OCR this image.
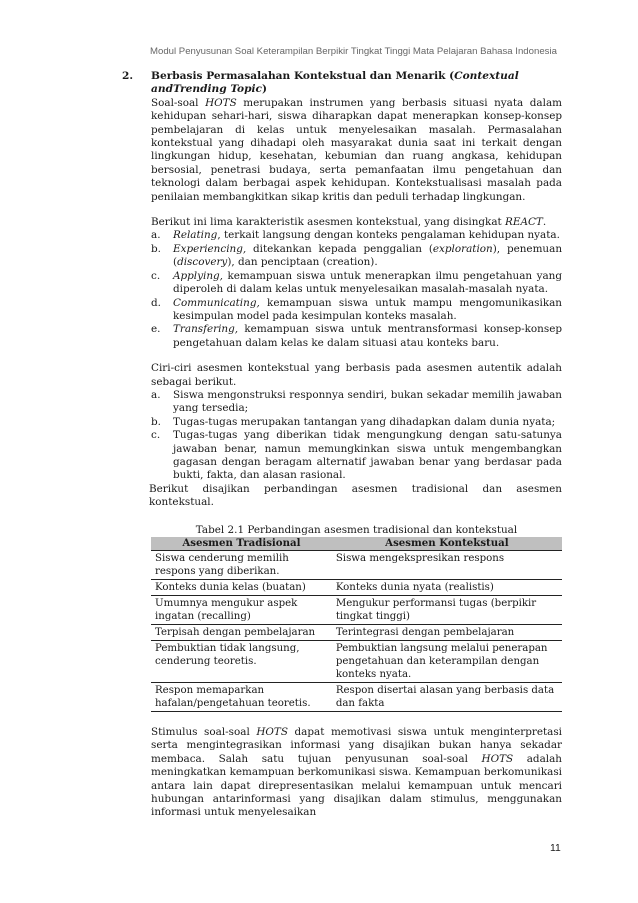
Modul Penyusunan Soal Keterampilan Berpikir Tingkat Tinggi Mata Pelajaran Bahasa Indonesia
2. Berbasis Permasalahan Kontekstual dan Menarik (Contextual andTrending Topic)

Soal-soal HOTS merupakan instrumen yang berbasis situasi nyata dalam kehidupan sehari-hari, siswa diharapkan dapat menerapkan konsep-konsep pembelajaran di kelas untuk menyelesaikan masalah. Permasalahan kontekstual yang dihadapi oleh masyarakat dunia saat ini terkait dengan lingkungan hidup, kesehatan, kebumian dan ruang angkasa, kehidupan bersosial, penetrasi budaya, serta pemanfaatan ilmu pengetahuan dan teknologi dalam berbagai aspek kehidupan. Kontekstualisasi masalah pada penilaian membangkitkan sikap kritis dan peduli terhadap lingkungan.

Berikut ini lima karakteristik asesmen kontekstual, yang disingkat REACT.

a. Relating, terkait langsung dengan konteks pengalaman kehidupan nyata.
b. Experiencing, ditekankan kepada penggalian (exploration), penemuan (discovery), dan penciptaan (creation).
c. Applying, kemampuan siswa untuk menerapkan ilmu pengetahuan yang diperoleh di dalam kelas untuk menyelesaikan masalah-masalah nyata.
d. Communicating, kemampuan siswa untuk mampu mengomunikasikan kesimpulan model pada kesimpulan konteks masalah.
e. Transfering, kemampuan siswa untuk mentransformasi konsep-konsep pengetahuan dalam kelas ke dalam situasi atau konteks baru.

Ciri-ciri asesmen kontekstual yang berbasis pada asesmen autentik adalah sebagai berikut.

a. Siswa mengonstruksi responnya sendiri, bukan sekadar memilih jawaban yang tersedia;
b. Tugas-tugas merupakan tantangan yang dihadapkan dalam dunia nyata;
c. Tugas-tugas yang diberikan tidak mengungkung dengan satu-satunya jawaban benar, namun memungkinkan siswa untuk mengembangkan gagasan dengan beragam alternatif jawaban benar yang berdasar pada bukti, fakta, dan alasan rasional.

Berikut disajikan perbandingan asesmen tradisional dan asesmen kontekstual.

Tabel 2.1 Perbandingan asesmen tradisional dan kontekstual
Asesmen Tradisional	Asesmen Kontekstual
Siswa cenderung memilih respons yang diberikan.	Siswa mengekspresikan respons
Konteks dunia kelas (buatan)	Konteks dunia nyata (realistis)
Umumnya mengukur aspek ingatan (recalling)	Mengukur performansi tugas (berpikir tingkat tinggi)
Terpisah dengan pembelajaran	Terintegrasi dengan pembelajaran
Pembuktian tidak langsung, cenderung teoretis.	Pembuktian langsung melalui penerapan pengetahuan dan keterampilan dengan konteks nyata.
Respon memaparkan hafalan/pengetahuan teoretis.	Respon disertai alasan yang berbasis data dan fakta

Stimulus soal-soal HOTS dapat memotivasi siswa untuk menginterpretasi serta mengintegrasikan informasi yang disajikan bukan hanya sekadar membaca. Salah satu tujuan penyusunan soal-soal HOTS adalah meningkatkan kemampuan berkomunikasi siswa. Kemampuan berkomunikasi antara lain dapat direpresentasikan melalui kemampuan untuk mencari hubungan antarinformasi yang disajikan dalam stimulus, menggunakan informasi untuk menyelesaikan

11
